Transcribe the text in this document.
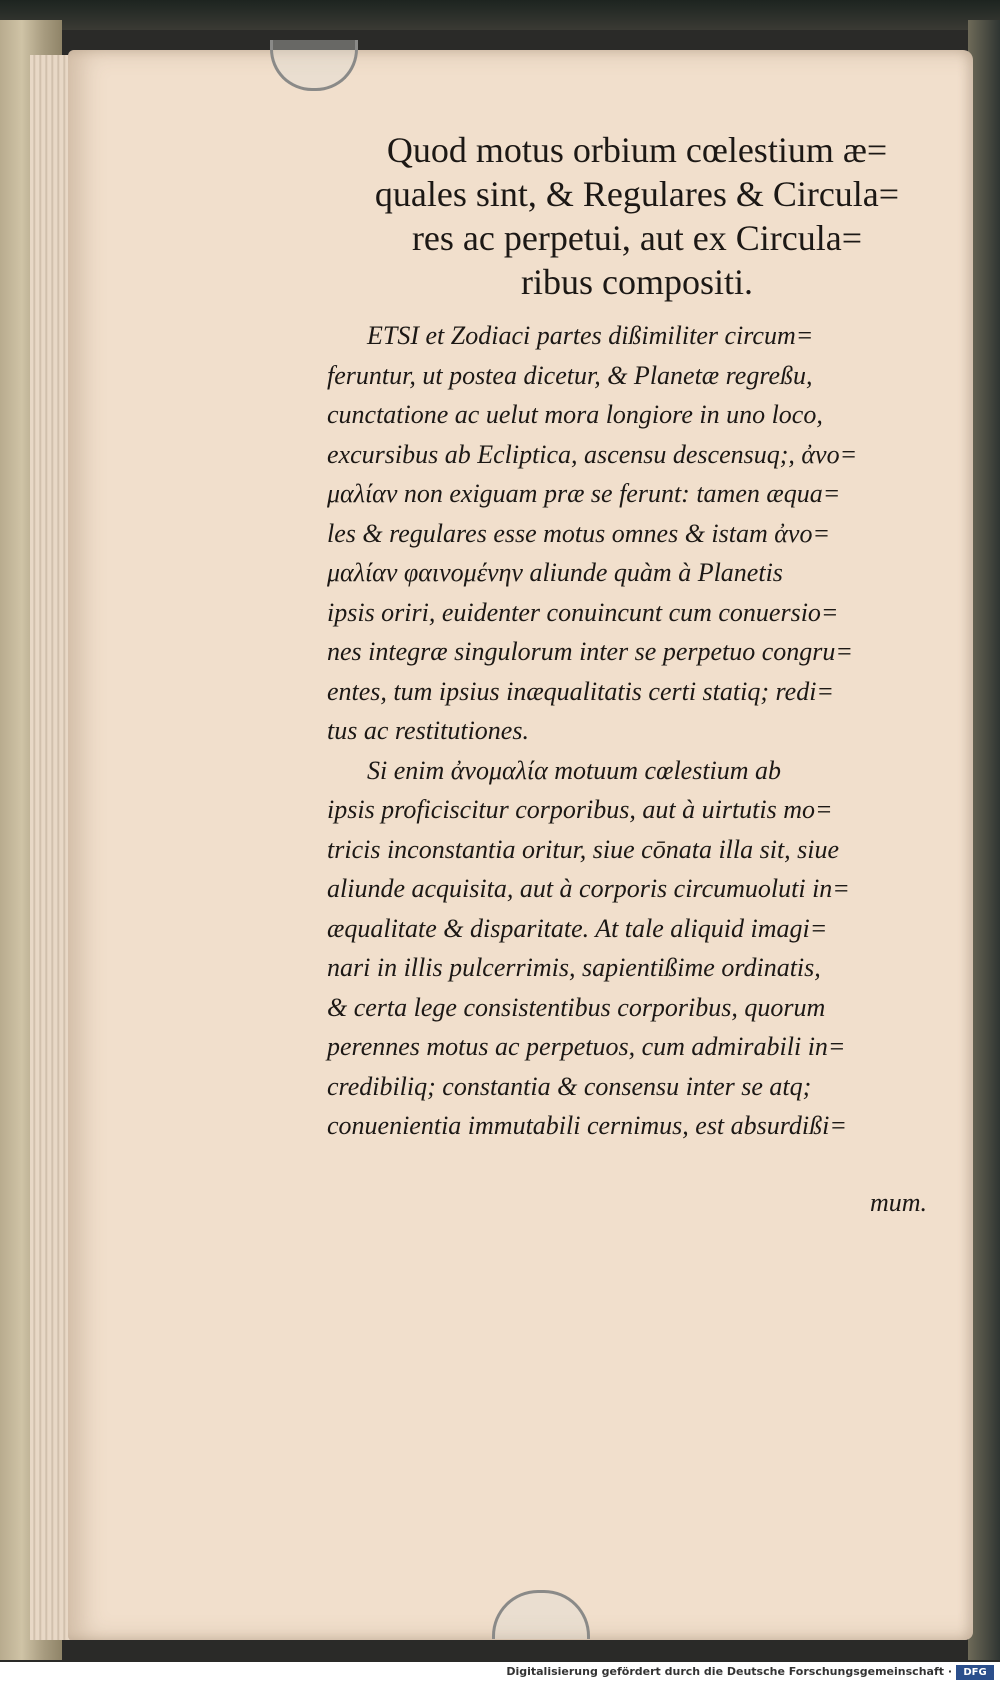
Quod motus orbium cœlestium æ=
quales sint, & Regulares & Circula=
res ac perpetui, aut ex Circula=
ribus compositi.
ETSI et Zodiaci partes dißimiliter circum=
feruntur, ut postea dicetur, & Planetæ regreßu,
cunctatione ac uelut mora longiore in uno loco,
excursibus ab Ecliptica, ascensu descensuq;, ἀνο=
μαλίαν non exiguam præ se ferunt: tamen æqua=
les & regulares esse motus omnes & istam ἀνο=
μαλίαν φαινομένην aliunde quàm à Planetis
ipsis oriri, euidenter conuincunt cum conuersio=
nes integræ singulorum inter se perpetuo congru=
entes, tum ipsius inæqualitatis certi statiq; redi=
tus ac restitutiones.
Si enim ἀνομαλία motuum cœlestium ab
ipsis proficiscitur corporibus, aut à uirtutis mo=
tricis inconstantia oritur, siue cōnata illa sit, siue
aliunde acquisita, aut à corporis circumuoluti in=
æqualitate & disparitate. At tale aliquid imagi=
nari in illis pulcerrimis, sapientißime ordinatis,
& certa lege consistentibus corporibus, quorum
perennes motus ac perpetuos, cum admirabili in=
credibiliq; constantia & consensu inter se atq;
conuenientia immutabili cernimus, est absurdißi=
mum.
Digitalisierung gefördert durch die Deutsche Forschungsgemeinschaft ·	DFG
